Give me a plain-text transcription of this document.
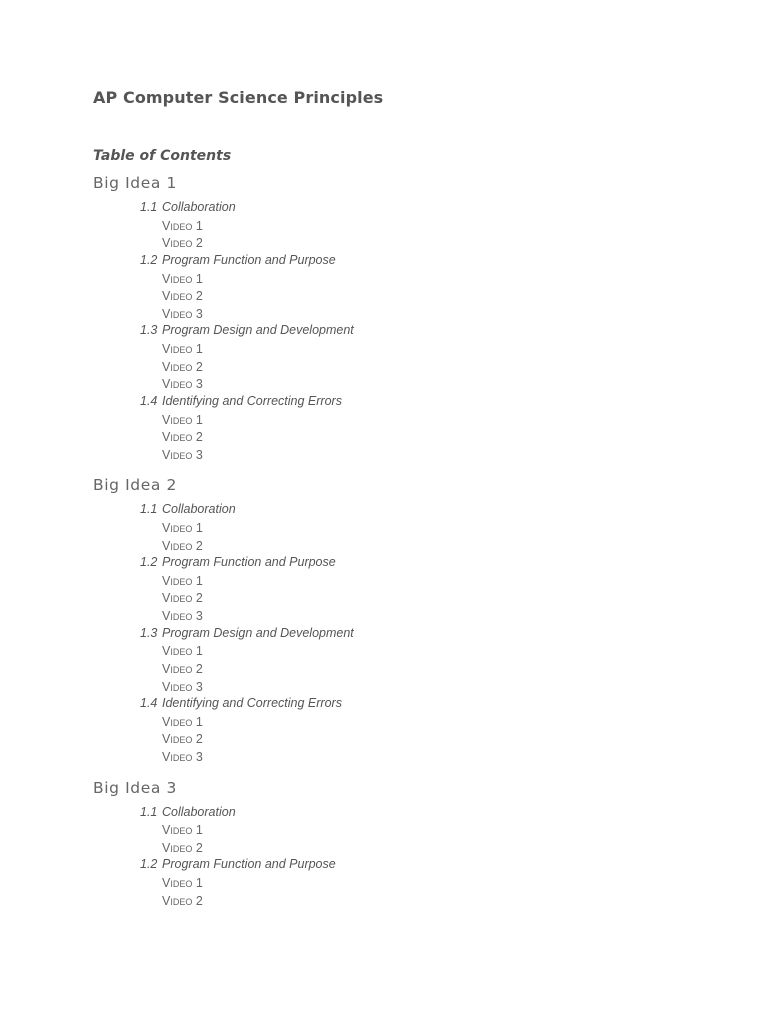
AP Computer Science Principles
Table of Contents
Big Idea 1
1.1 Collaboration
Video 1
Video 2
1.2 Program Function and Purpose
Video 1
Video 2
Video 3
1.3 Program Design and Development
Video 1
Video 2
Video 3
1.4 Identifying and Correcting Errors
Video 1
Video 2
Video 3
Big Idea 2
1.1 Collaboration
Video 1
Video 2
1.2 Program Function and Purpose
Video 1
Video 2
Video 3
1.3 Program Design and Development
Video 1
Video 2
Video 3
1.4 Identifying and Correcting Errors
Video 1
Video 2
Video 3
Big Idea 3
1.1 Collaboration
Video 1
Video 2
1.2 Program Function and Purpose
Video 1
Video 2
